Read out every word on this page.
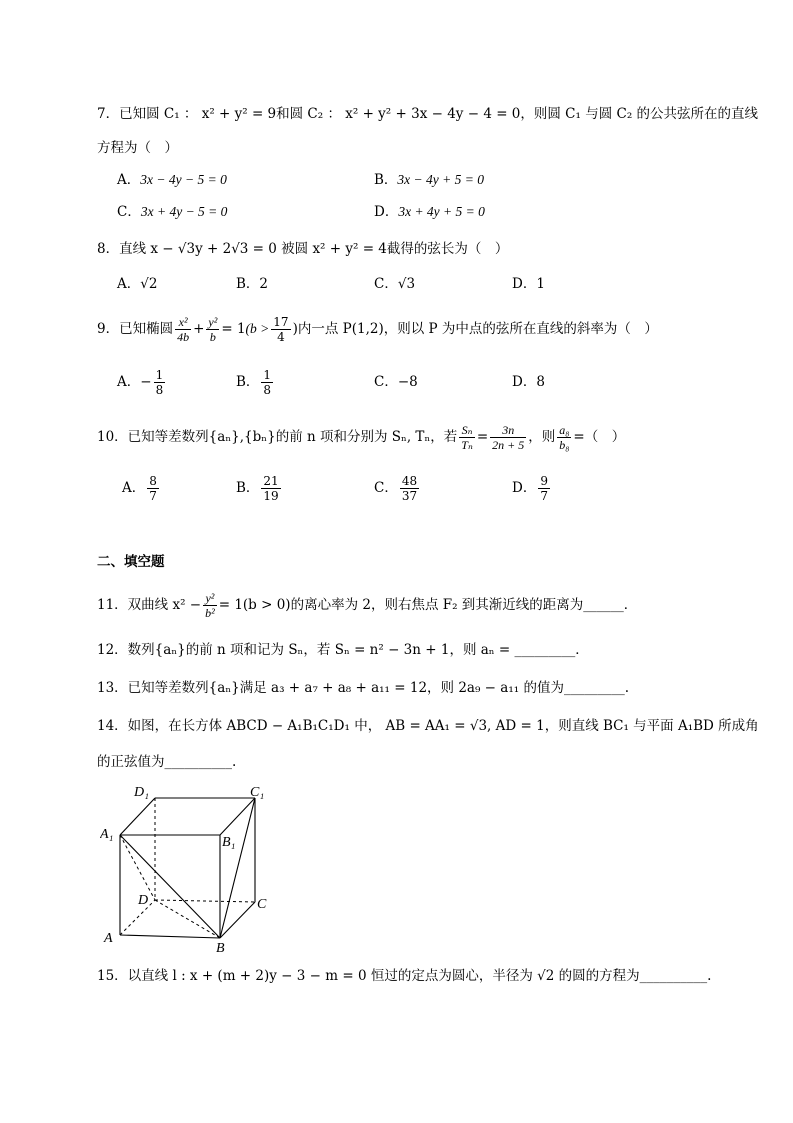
7．已知圆 C₁ ： x² + y² = 9和圆 C₂ ： x² + y² + 3x − 4y − 4 = 0，则圆 C₁ 与圆 C₂ 的公共弦所在的直线
方程为（　）
A．3x − 4y − 5 = 0	B．3x − 4y + 5 = 0
C．3x + 4y − 5 = 0	D．3x + 4y + 5 = 0
8．直线 x − √3y + 2√3 = 0 被圆 x² + y² = 4截得的弦长为（　）
A．√2	B．2	C．√3	D．1
9．已知椭圆 $\frac{\text{x²}}{4b} + \frac{\text{y²}}{b} = 1(b > \frac{17}{4}$ )内一点 P(1,2)，则以 P 为中点的弦所在直线的斜率为（　）
A．− $\frac{1}{8}$	B． $\frac{1}{8}$	C．−8	D．8
10．已知等差数列{aₙ},{bₙ}的前 n 项和分别为 Sₙ, Tₙ，若 $\frac{\text{Sₙ}}{\text{Tₙ}} = \frac{3n}{2n + 5}$ ，则 $\frac{\text{a₈}}{\text{b₈}}$ =（　）
A． $\frac{8}{7}$	B． $\frac{21}{19}$	C． $\frac{48}{37}$	D． $\frac{9}{7}$
二、填空题
11．双曲线 $x^2 - \frac{\text{y²}}{\text{b²}} = 1(b > 0)$的离心率为 2，则右焦点 F₂ 到其渐近线的距离为______．
12．数列{aₙ}的前 n 项和记为 Sₙ，若 Sₙ = n² − 3n + 1，则 aₙ = _________．
13．已知等差数列{aₙ}满足 a₃ + a₇ + a₈ + a₁₁ = 12，则 2a₉ − a₁₁ 的值为_________.
14．如图，在长方体 ABCD − A₁B₁C₁D₁ 中， AB = AA₁ = √3, AD = 1，则直线 BC₁ 与平面 A₁BD 所成角
的正弦值为__________.
D₁	C₁
A₁
B₁
D	C
A
B
15．以直线 l : x + (m + 2)y − 3 − m = 0 恒过的定点为圆心，半径为 √2 的圆的方程为__________.
